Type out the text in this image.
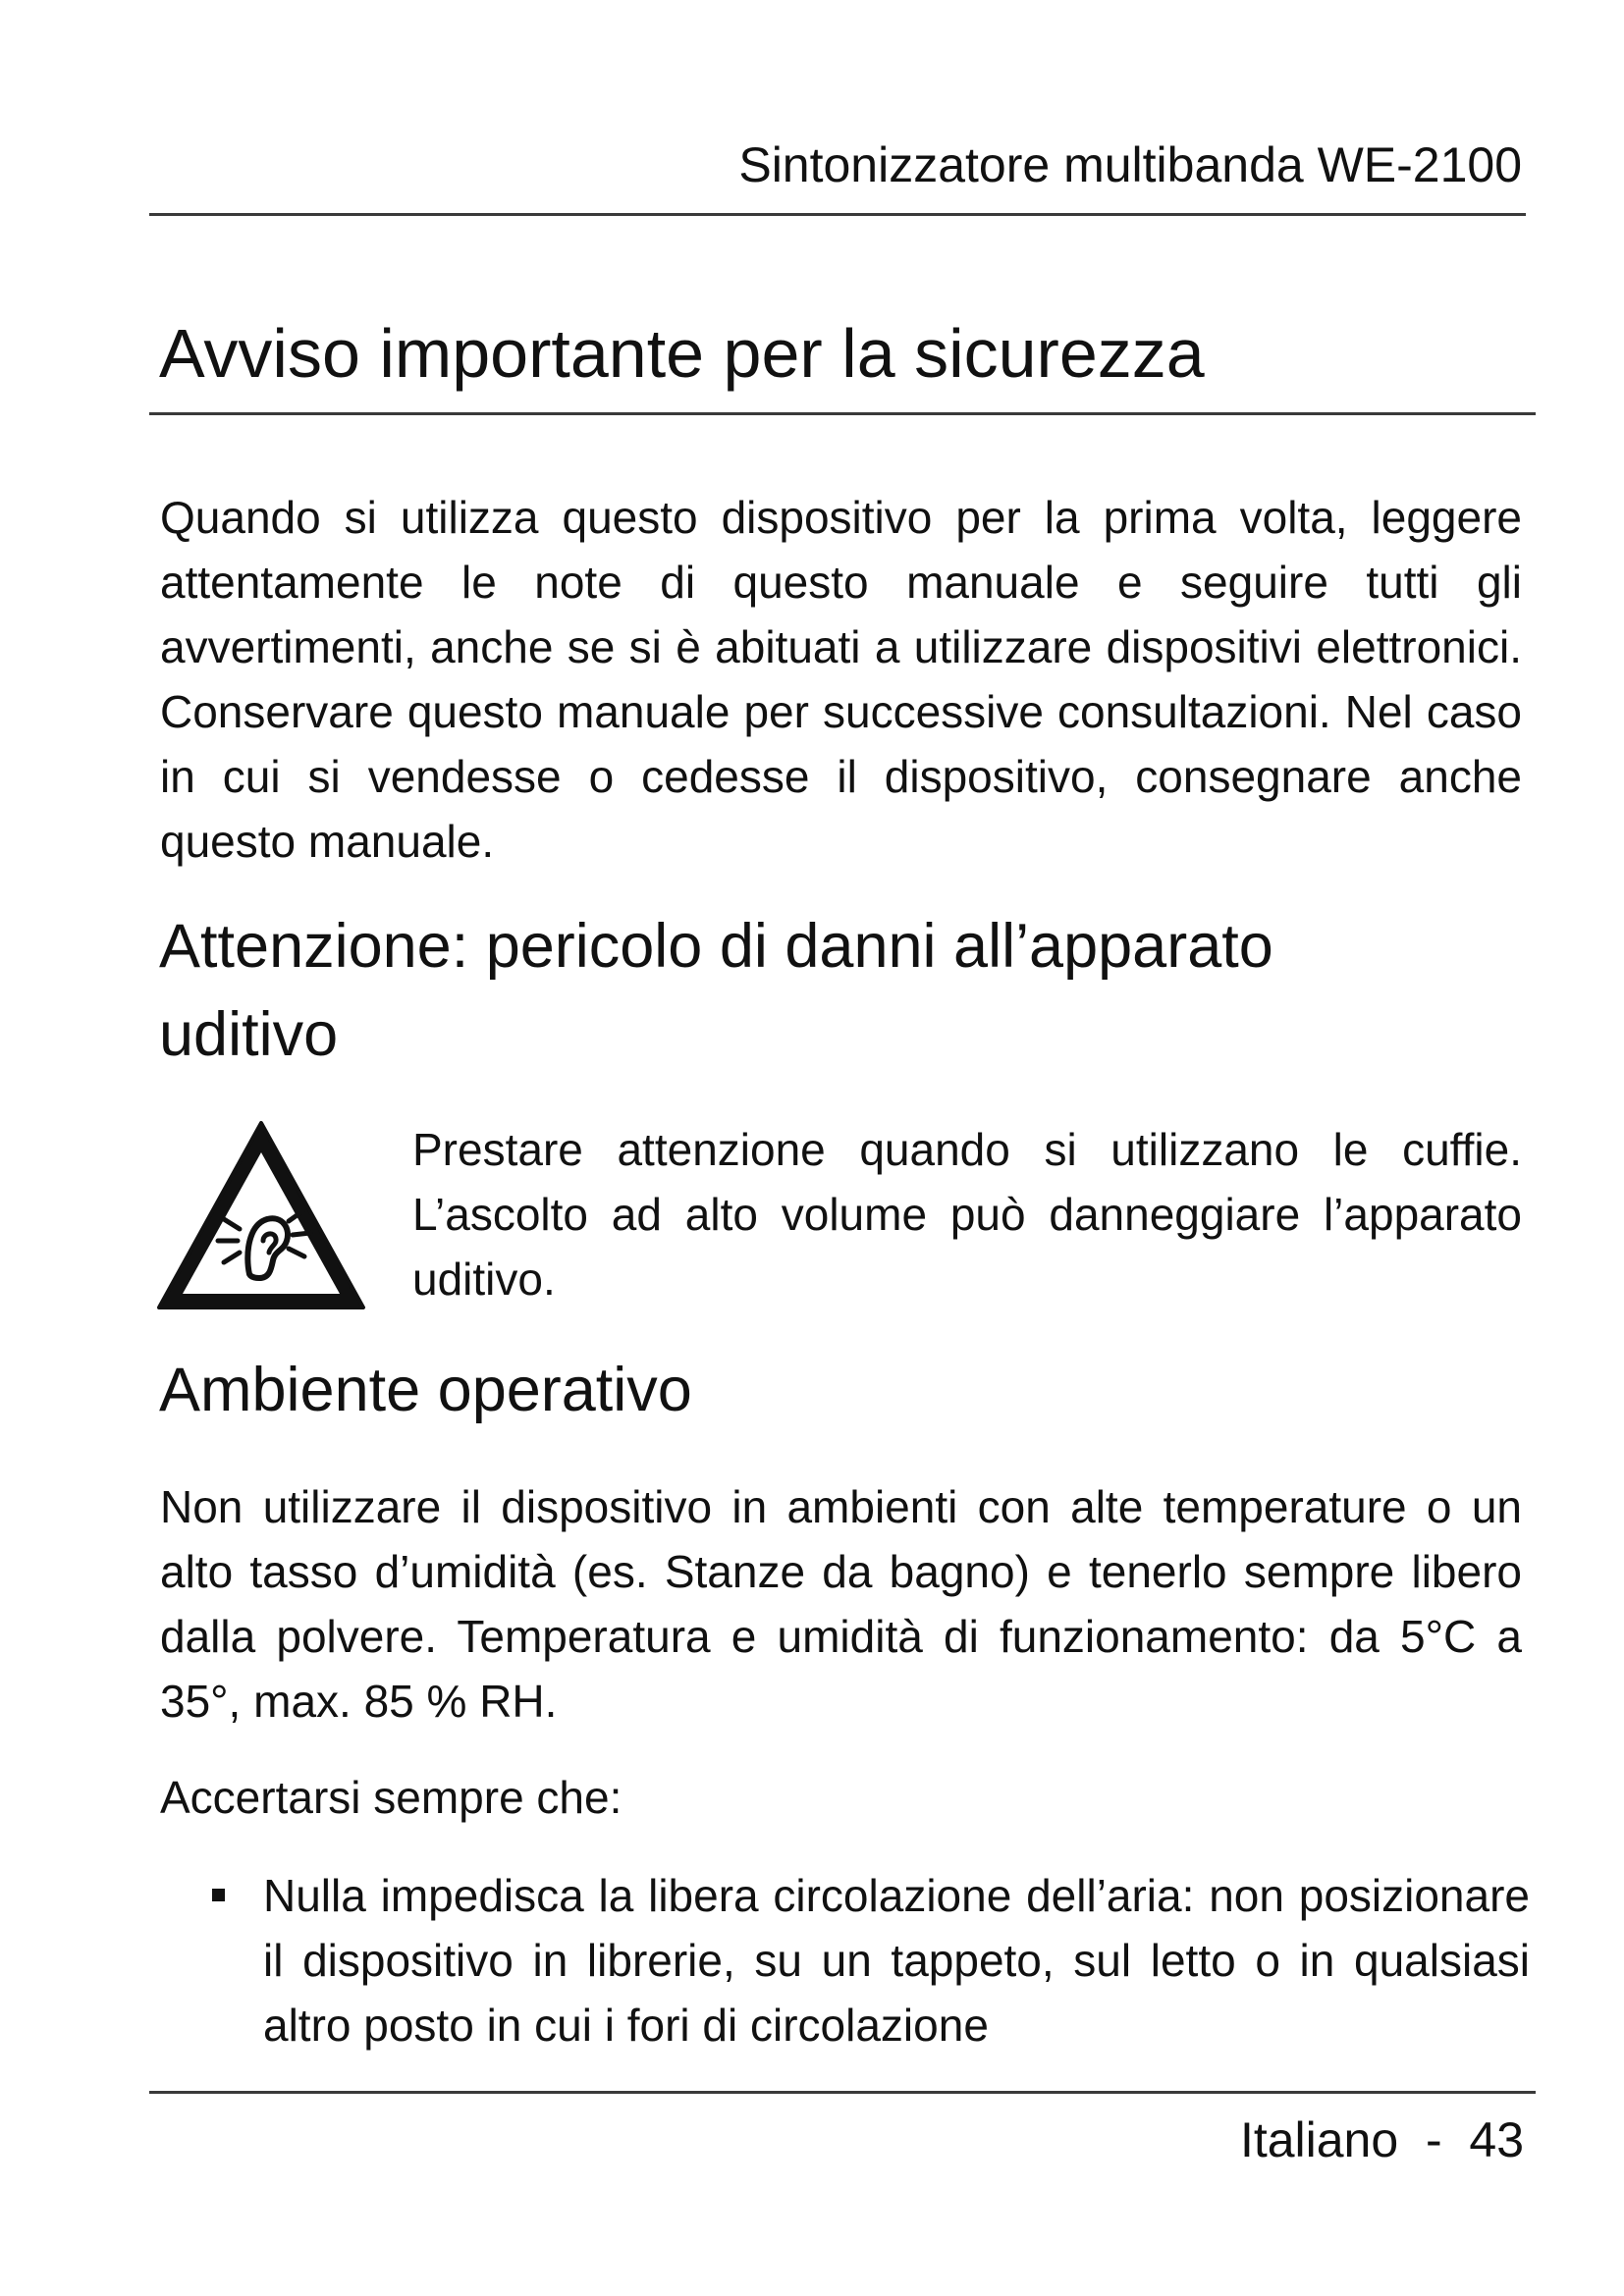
Sintonizzatore multibanda WE-2100
Avviso importante per la sicurezza

Quando si utilizza questo dispositivo per la prima volta, leggere attentamente le note di questo manuale e seguire tutti gli avvertimenti, anche se si è abituati a utilizzare dispositivi elettronici. Conservare questo manuale per successive consultazioni. Nel caso in cui si vendesse o cedesse il dispositivo, consegnare anche questo manuale.

Attenzione: pericolo di danni all’apparato uditivo

Prestare attenzione quando si utilizzano le cuffie. L’ascolto ad alto volume può danneggiare l’apparato uditivo.

Ambiente operativo

Non utilizzare il dispositivo in ambienti con alte temperature o un alto tasso d’umidità (es. Stanze da bagno) e tenerlo sempre libero dalla polvere. Temperatura e umidità di funzionamento: da 5°C a 35°, max. 85 % RH.

Accertarsi sempre che:

Nulla impedisca la libera circolazione dell’aria: non posizionare il dispositivo in librerie, su un tappeto, sul letto o in qualsiasi altro posto in cui i fori di circolazione
Italiano  -  43
